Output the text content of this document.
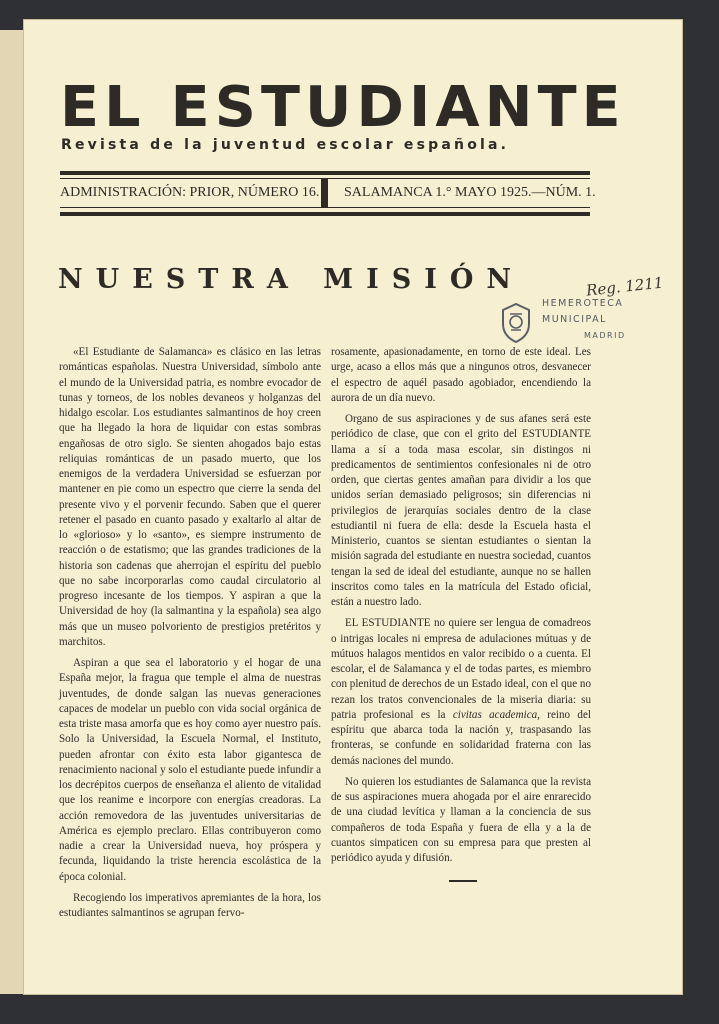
EL ESTUDIANTE
Revista de la juventud escolar española.
ADMINISTRACIÓN: PRIOR, NÚMERO 16. SALAMANCA 1.° MAYO 1925.—NÚM. 1.
NUESTRA MISIÓN	Reg. 1211
HEMEROTECA
MUNICIPAL
MADRID

«El Estudiante de Salamanca» es clásico en las letras románticas españolas. Nuestra Universidad, símbolo ante el mundo de la Universidad patria, es nombre evocador de tunas y torneos, de los nobles devaneos y holganzas del hidalgo escolar. Los estudiantes salmantinos de hoy creen que ha llegado la hora de liquidar con estas sombras engañosas de otro siglo. Se sienten ahogados bajo estas reliquias románticas de un pasado muerto, que los enemigos de la verdadera Universidad se esfuerzan por mantener en pie como un espectro que cierre la senda del presente vivo y el porvenir fecundo. Saben que el querer retener el pasado en cuanto pasado y exaltarlo al altar de lo «glorioso» y lo «santo», es siempre instrumento de reacción o de estatismo; que las grandes tradiciones de la historia son cadenas que aherrojan el espíritu del pueblo que no sabe incorporarlas como caudal circulatorio al progreso incesante de los tiempos. Y aspiran a que la Universidad de hoy (la salmantina y la española) sea algo más que un museo polvoriento de prestigios pretéritos y marchitos.

Aspiran a que sea el laboratorio y el hogar de una España mejor, la fragua que temple el alma de nuestras juventudes, de donde salgan las nuevas generaciones capaces de modelar un pueblo con vida social orgánica de esta triste masa amorfa que es hoy como ayer nuestro país. Solo la Universidad, la Escuela Normal, el Instituto, pueden afrontar con éxito esta labor gigantesca de renacimiento nacional y solo el estudiante puede infundir a los decrépitos cuerpos de enseñanza el aliento de vitalidad que los reanime e incorpore con energías creadoras. La acción removedora de las juventudes universitarias de América es ejemplo preclaro. Ellas contribuyeron como nadie a crear la Universidad nueva, hoy próspera y fecunda, liquidando la triste herencia escolástica de la época colonial.

Recogiendo los imperativos apremiantes de la hora, los estudiantes salmantinos se agrupan fervo-

rosamente, apasionadamente, en torno de este ideal. Les urge, acaso a ellos más que a ningunos otros, desvanecer el espectro de aquél pasado agobiador, encendiendo la aurora de un día nuevo.

Organo de sus aspiraciones y de sus afanes será este periódico de clase, que con el grito del ESTUDIANTE llama a sí a toda masa escolar, sin distingos ni predicamentos de sentimientos confesionales ni de otro orden, que ciertas gentes amañan para dividir a los que unidos serían demasiado peligrosos; sin diferencias ni privilegios de jerarquías sociales dentro de la clase estudiantil ni fuera de ella: desde la Escuela hasta el Ministerio, cuantos se sientan estudiantes o sientan la misión sagrada del estudiante en nuestra sociedad, cuantos tengan la sed de ideal del estudiante, aunque no se hallen inscritos como tales en la matrícula del Estado oficial, están a nuestro lado.

EL ESTUDIANTE no quiere ser lengua de comadreos o intrigas locales ni empresa de adulaciones mútuas y de mútuos halagos mentidos en valor recibido o a cuenta. El escolar, el de Salamanca y el de todas partes, es miembro con plenitud de derechos de un Estado ideal, con el que no rezan los tratos convencionales de la miseria diaria: su patria profesional es la civitas academica, reino del espíritu que abarca toda la nación y, traspasando las fronteras, se confunde en solidaridad fraterna con las demás naciones del mundo.

No quieren los estudiantes de Salamanca que la revista de sus aspiraciones muera ahogada por el aire enrarecido de una ciudad levítica y llaman a la conciencia de sus compañeros de toda España y fuera de ella y a la de cuantos simpaticen con su empresa para que presten al periódico ayuda y difusión.
